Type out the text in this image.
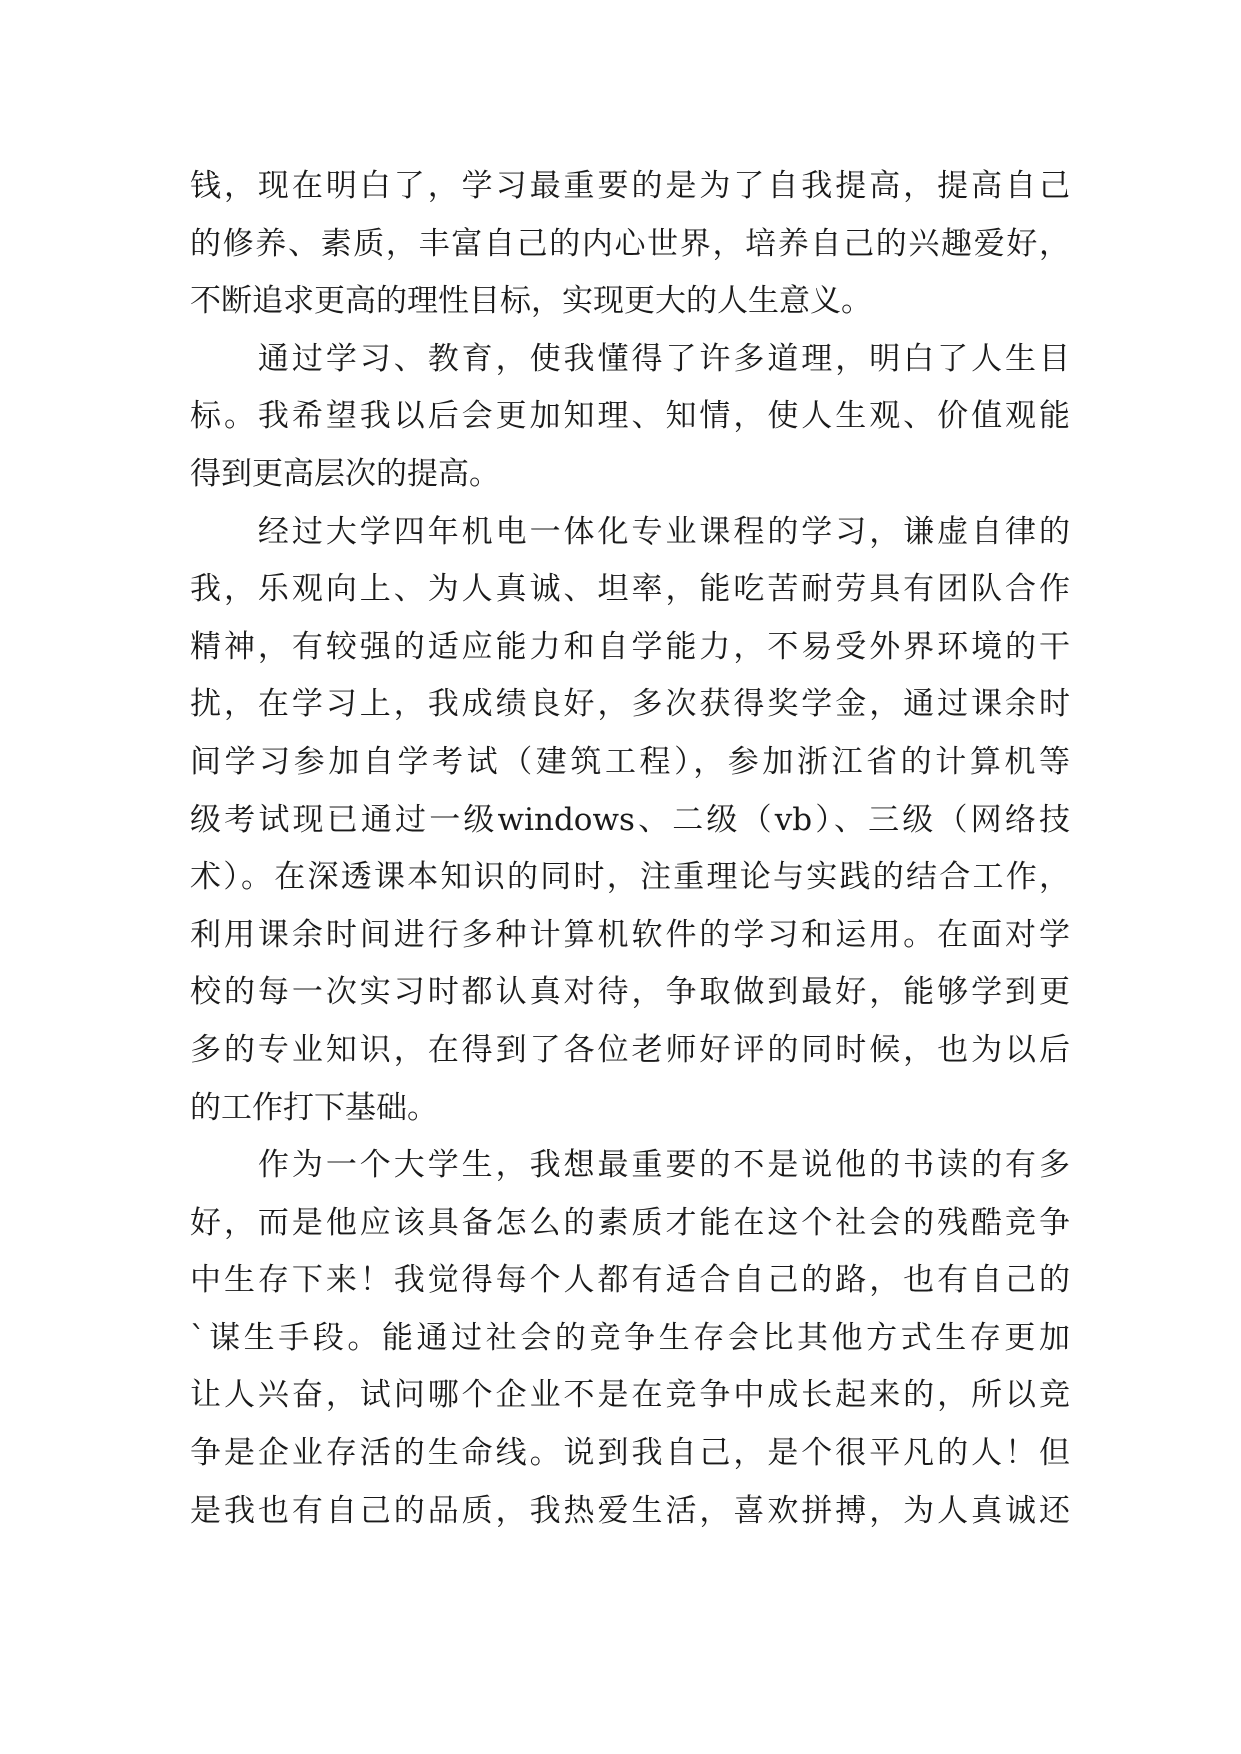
钱，现在明白了，学习最重要的是为了自我提高，提高自己
的修养、素质，丰富自己的内心世界，培养自己的兴趣爱好，
不断追求更高的理性目标，实现更大的人生意义。
　　通过学习、教育，使我懂得了许多道理，明白了人生目
标。我希望我以后会更加知理、知情，使人生观、价值观能
得到更高层次的提高。
　　经过大学四年机电一体化专业课程的学习，谦虚自律的
我，乐观向上、为人真诚、坦率，能吃苦耐劳具有团队合作
精神，有较强的适应能力和自学能力，不易受外界环境的干
扰，在学习上，我成绩良好，多次获得奖学金，通过课余时
间学习参加自学考试（建筑工程），参加浙江省的计算机等
级考试现已通过一级windows、二级（vb）、三级（网络技
术）。在深透课本知识的同时，注重理论与实践的结合工作，
利用课余时间进行多种计算机软件的学习和运用。在面对学
校的每一次实习时都认真对待，争取做到最好，能够学到更
多的专业知识，在得到了各位老师好评的同时候，也为以后
的工作打下基础。
　　作为一个大学生，我想最重要的不是说他的书读的有多
好，而是他应该具备怎么的素质才能在这个社会的残酷竞争
中生存下来！我觉得每个人都有适合自己的路，也有自己的
`谋生手段。能通过社会的竞争生存会比其他方式生存更加
让人兴奋，试问哪个企业不是在竞争中成长起来的，所以竞
争是企业存活的生命线。说到我自己，是个很平凡的人！但
是我也有自己的品质，我热爱生活，喜欢拼搏，为人真诚还
